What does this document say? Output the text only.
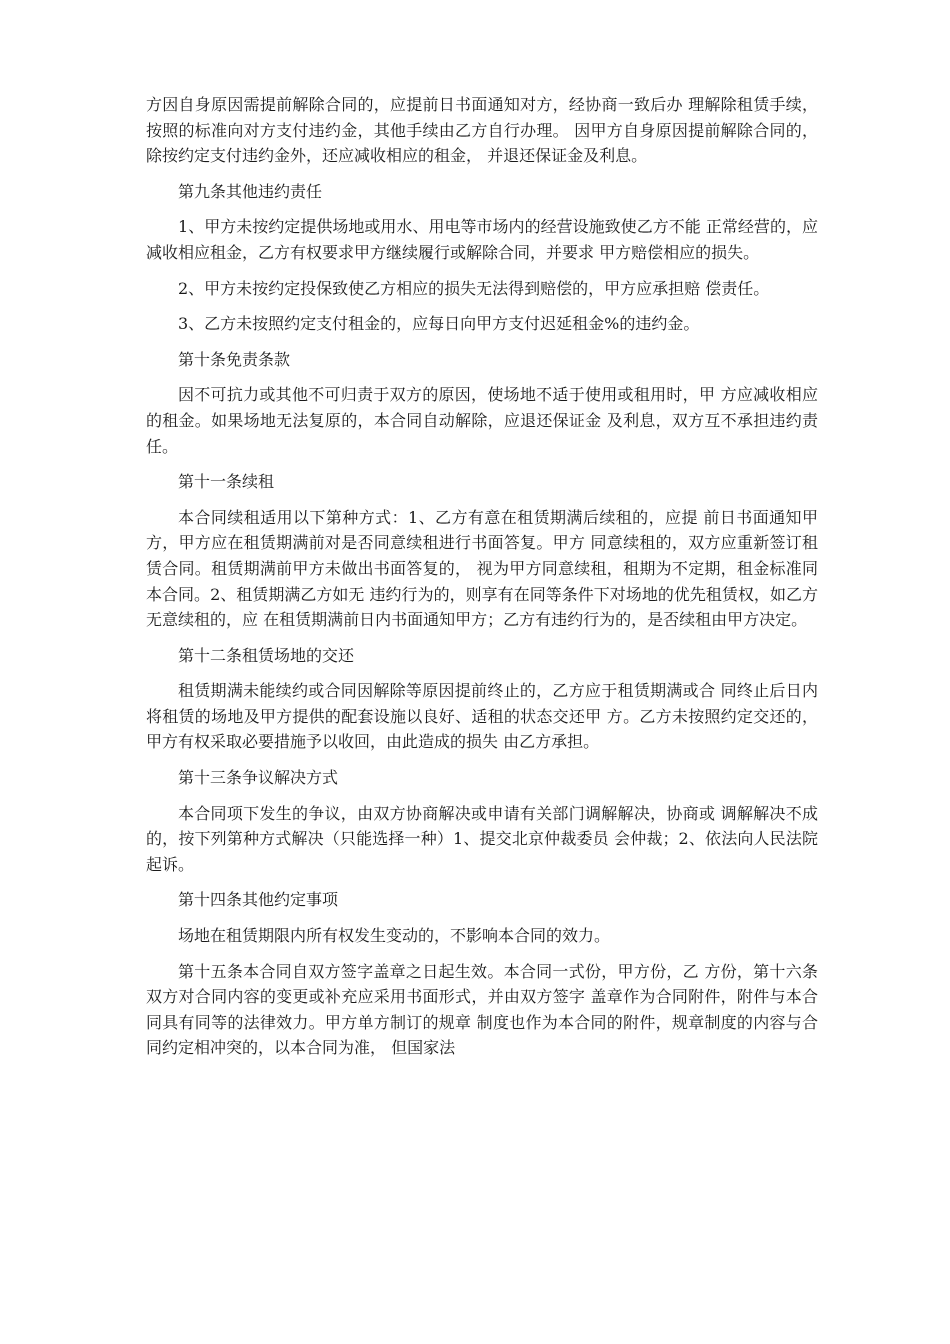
方因自身原因需提前解除合同的，应提前日书面通知对方，经协商一致后办 理解除租赁手续，按照的标准向对方支付违约金，其他手续由乙方自行办理。 因甲方自身原因提前解除合同的，除按约定支付违约金外，还应减收相应的租金， 并退还保证金及利息。

第九条其他违约责任

1、甲方未按约定提供场地或用水、用电等市场内的经营设施致使乙方不能 正常经营的，应减收相应租金，乙方有权要求甲方继续履行或解除合同，并要求 甲方赔偿相应的损失。

2、甲方未按约定投保致使乙方相应的损失无法得到赔偿的，甲方应承担赔 偿责任。

3、乙方未按照约定支付租金的，应每日向甲方支付迟延租金%的违约金。

第十条免责条款

因不可抗力或其他不可归责于双方的原因，使场地不适于使用或租用时，甲 方应减收相应的租金。如果场地无法复原的，本合同自动解除，应退还保证金 及利息，双方互不承担违约责任。

第十一条续租

本合同续租适用以下第种方式：1、乙方有意在租赁期满后续租的，应提 前日书面通知甲方，甲方应在租赁期满前对是否同意续租进行书面答复。甲方 同意续租的，双方应重新签订租赁合同。租赁期满前甲方未做出书面答复的， 视为甲方同意续租，租期为不定期，租金标准同本合同。2、租赁期满乙方如无 违约行为的，则享有在同等条件下对场地的优先租赁权，如乙方无意续租的，应 在租赁期满前日内书面通知甲方；乙方有违约行为的，是否续租由甲方决定。

第十二条租赁场地的交还

租赁期满未能续约或合同因解除等原因提前终止的，乙方应于租赁期满或合 同终止后日内将租赁的场地及甲方提供的配套设施以良好、适租的状态交还甲 方。乙方未按照约定交还的，甲方有权采取必要措施予以收回，由此造成的损失 由乙方承担。

第十三条争议解决方式

本合同项下发生的争议，由双方协商解决或申请有关部门调解解决，协商或 调解解决不成的，按下列第种方式解决（只能选择一种）1、提交北京仲裁委员 会仲裁；2、依法向人民法院起诉。

第十四条其他约定事项

场地在租赁期限内所有权发生变动的，不影响本合同的效力。

第十五条本合同自双方签字盖章之日起生效。本合同一式份，甲方份，乙 方份，第十六条双方对合同内容的变更或补充应采用书面形式，并由双方签字 盖章作为合同附件，附件与本合同具有同等的法律效力。甲方单方制订的规章 制度也作为本合同的附件，规章制度的内容与合同约定相冲突的，以本合同为准， 但国家法
